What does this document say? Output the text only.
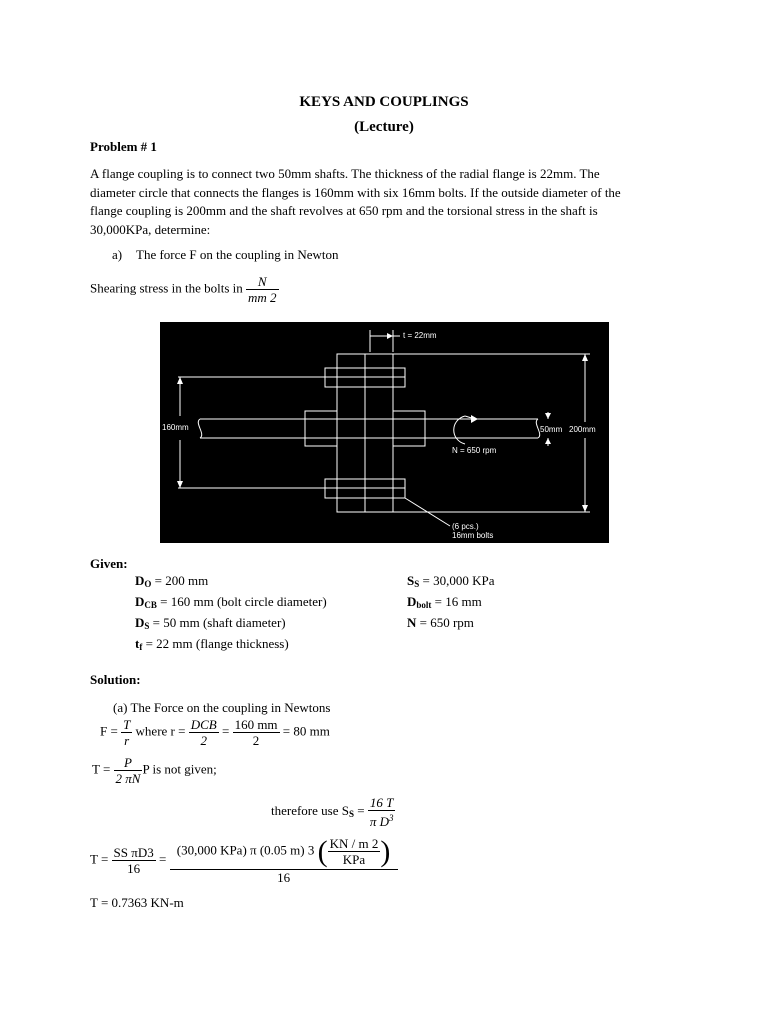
KEYS AND COUPLINGS
(Lecture)
Problem # 1
A flange coupling is to connect two 50mm shafts. The thickness of the radial flange is 22mm. The
diameter circle that connects the flanges is 160mm with six 16mm bolts. If the outside diameter of the
flange coupling is 200mm and the shaft revolves at 650 rpm and the torsional stress in the shaft is
30,000KPa, determine:
a) The force F on the coupling in Newton
Shearing stress in the bolts in $\frac{N}{mm 2}$
t = 22mm
160mm	50mm 200mm
N = 650 rpm
(6 pcs.)
16mm bolts
Given:
$D_O = 200$ mm
$D_{CB} = 160$ mm (bolt circle diameter)
$D_S = 50$ mm (shaft diameter)
$t_f = 22$ mm (flange thickness)
$S_S = 30,000$ KPa
$D_{bolt} = 16$ mm
N = 650 rpm
Solution:
(a) The Force on the coupling in Newtons
$F = \frac{T}{r}$ where $r = \frac{\text{DCB}}{2} = \frac{160 mm}{2} = 80$ mm
$T = \frac{P}{2 \pi N}$ P is not given;
therefore use $S_S = \frac{16 T}{\pi D^3}$
$T = \frac{\text{SS πD3}}{16} = \frac{(30,000 KPa) \pi (0.05 m) 3 ( \frac{KN / m 2}{\text{KPa}} )}{16}$
T = 0.7363 KN-m
